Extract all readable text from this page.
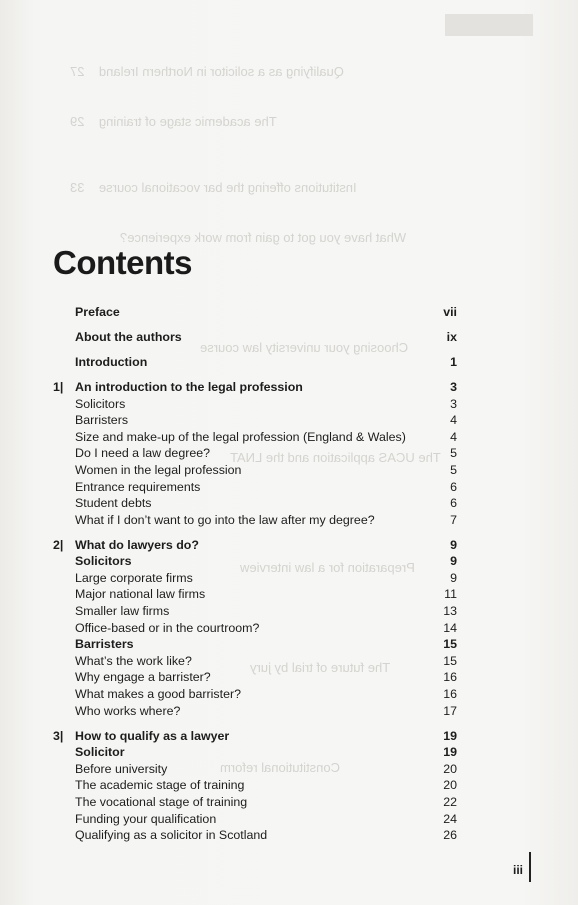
Qualifying as a solicitor in Northern Ireland    27
The academic stage of training    29
Institutions offering the bar vocational course    33
What have you got to gain from work experience?
Choosing your university law course
The UCAS application and the LNAT
Preparation for a law interview
The future of trial by jury
Constitutional reform
Contents
Preface	vii
About the authors	ix
Introduction	1
1| An introduction to the legal profession	3
Solicitors	3
Barristers	4
Size and make-up of the legal profession (England & Wales)	4
Do I need a law degree?	5
Women in the legal profession	5
Entrance requirements	6
Student debts	6
What if I don’t want to go into the law after my degree?	7
2| What do lawyers do?	9
Solicitors	9
Large corporate firms	9
Major national law firms	11
Smaller law firms	13
Office-based or in the courtroom?	14
Barristers	15
What’s the work like?	15
Why engage a barrister?	16
What makes a good barrister?	16
Who works where?	17
3| How to qualify as a lawyer	19
Solicitor	19
Before university	20
The academic stage of training	20
The vocational stage of training	22
Funding your qualification	24
Qualifying as a solicitor in Scotland	26
iii
